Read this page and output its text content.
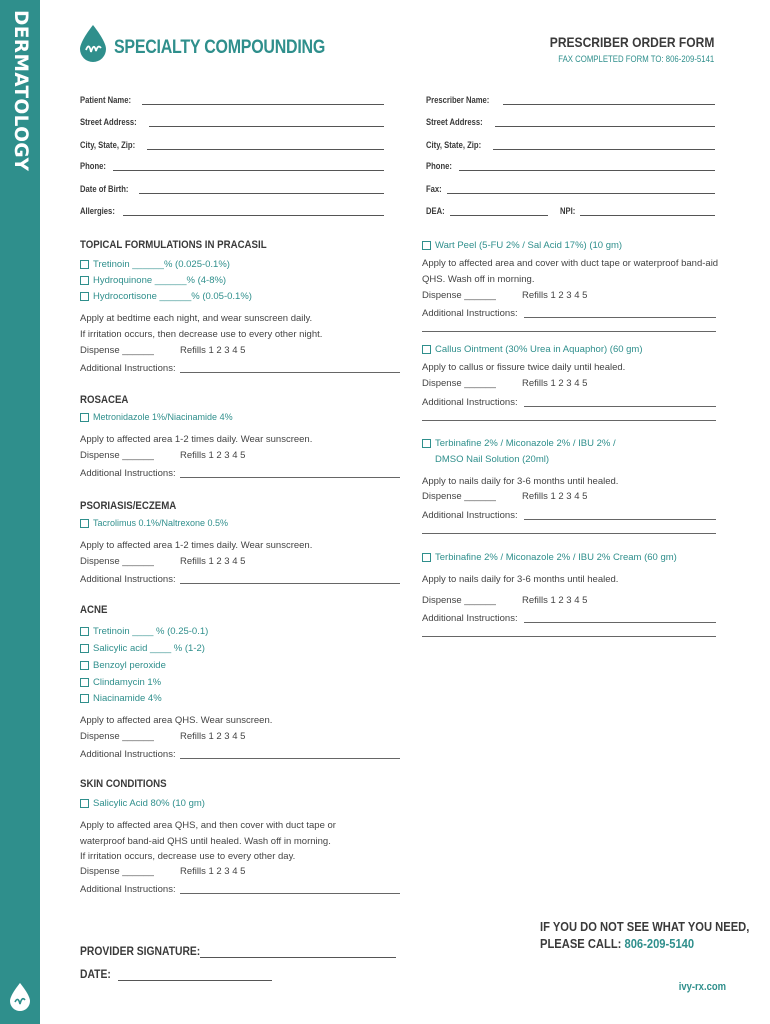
DERMATOLOGY	SPECIALTY COMPOUNDING	PRESCRIBER ORDER FORM
FAX COMPLETED FORM TO: 806-209-5141
Patient Name:
Street Address:
City, State, Zip:
Phone:
Date of Birth:
Allergies:
Prescriber Name:
Street Address:
City, State, Zip:
Phone:
Fax:
DEA:	NPI:
TOPICAL FORMULATIONS IN PRACASIL
Tretinoin ______% (0.025-0.1%)
Hydroquinone ______% (4-8%)
Hydrocortisone ______% (0.05-0.1%)
Apply at bedtime each night, and wear sunscreen daily.
If irritation occurs, then decrease use to every other night.
Dispense ______	Refills 1 2 3 4 5
Additional Instructions:
ROSACEA
Metronidazole 1%/Niacinamide 4%
Apply to affected area 1-2 times daily. Wear sunscreen.
Dispense ______	Refills 1 2 3 4 5
Additional Instructions:
PSORIASIS/ECZEMA
Tacrolimus 0.1%/Naltrexone 0.5%
Apply to affected area 1-2 times daily. Wear sunscreen.
Dispense ______	Refills 1 2 3 4 5
Additional Instructions:
ACNE
Tretinoin ____ % (0.25-0.1)
Salicylic acid ____ % (1-2)
Benzoyl peroxide
Clindamycin 1%
Niacinamide 4%
Apply to affected area QHS. Wear sunscreen.
Dispense ______	Refills 1 2 3 4 5
Additional Instructions:
SKIN CONDITIONS
Salicylic Acid 80% (10 gm)
Apply to affected area QHS, and then cover with duct tape or
waterproof band-aid QHS until healed. Wash off in morning.
If irritation occurs, decrease use to every other day.
Dispense ______	Refills 1 2 3 4 5
Additional Instructions:
Wart Peel (5-FU 2% / Sal Acid 17%) (10 gm)
Apply to affected area and cover with duct tape or waterproof band-aid
QHS. Wash off in morning.
Dispense ______	Refills 1 2 3 4 5
Additional Instructions:
Callus Ointment (30% Urea in Aquaphor) (60 gm)
Apply to callus or fissure twice daily until healed.
Dispense ______	Refills 1 2 3 4 5
Additional Instructions:
Terbinafine 2% / Miconazole 2% / IBU 2% /
DMSO Nail Solution (20ml)
Apply to nails daily for 3-6 months until healed.
Dispense ______	Refills 1 2 3 4 5
Additional Instructions:
Terbinafine 2% / Miconazole 2% / IBU 2% Cream (60 gm)
Apply to nails daily for 3-6 months until healed.
Dispense ______	Refills 1 2 3 4 5
Additional Instructions:
IF YOU DO NOT SEE WHAT YOU NEED,
PLEASE CALL: 806-209-5140
PROVIDER SIGNATURE:
DATE:
ivy-rx.com
